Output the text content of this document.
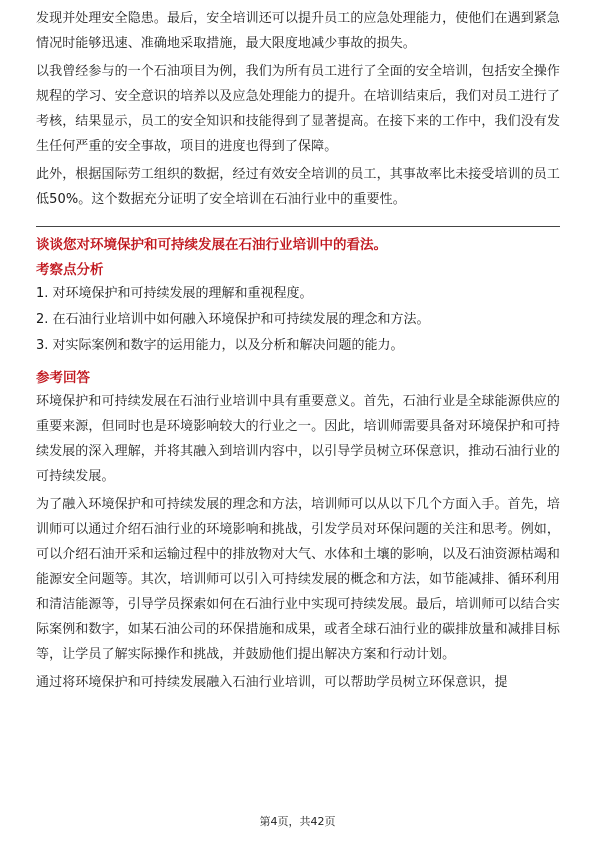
发现并处理安全隐患。最后，安全培训还可以提升员工的应急处理能力，使他们在遇到紧急情况时能够迅速、准确地采取措施，最大限度地减少事故的损失。

以我曾经参与的一个石油项目为例，我们为所有员工进行了全面的安全培训，包括安全操作规程的学习、安全意识的培养以及应急处理能力的提升。在培训结束后，我们对员工进行了考核，结果显示，员工的安全知识和技能得到了显著提高。在接下来的工作中，我们没有发生任何严重的安全事故，项目的进度也得到了保障。

此外，根据国际劳工组织的数据，经过有效安全培训的员工，其事故率比未接受培训的员工低50%。这个数据充分证明了安全培训在石油行业中的重要性。

谈谈您对环境保护和可持续发展在石油行业培训中的看法。

考察点分析

1. 对环境保护和可持续发展的理解和重视程度。

2. 在石油行业培训中如何融入环境保护和可持续发展的理念和方法。

3. 对实际案例和数字的运用能力，以及分析和解决问题的能力。

参考回答

环境保护和可持续发展在石油行业培训中具有重要意义。首先，石油行业是全球能源供应的重要来源，但同时也是环境影响较大的行业之一。因此，培训师需要具备对环境保护和可持续发展的深入理解，并将其融入到培训内容中，以引导学员树立环保意识，推动石油行业的可持续发展。

为了融入环境保护和可持续发展的理念和方法，培训师可以从以下几个方面入手。首先，培训师可以通过介绍石油行业的环境影响和挑战，引发学员对环保问题的关注和思考。例如，可以介绍石油开采和运输过程中的排放物对大气、水体和土壤的影响，以及石油资源枯竭和能源安全问题等。其次，培训师可以引入可持续发展的概念和方法，如节能减排、循环利用和清洁能源等，引导学员探索如何在石油行业中实现可持续发展。最后，培训师可以结合实际案例和数字，如某石油公司的环保措施和成果，或者全球石油行业的碳排放量和减排目标等，让学员了解实际操作和挑战，并鼓励他们提出解决方案和行动计划。

通过将环境保护和可持续发展融入石油行业培训，可以帮助学员树立环保意识，提

第4页，共42页
